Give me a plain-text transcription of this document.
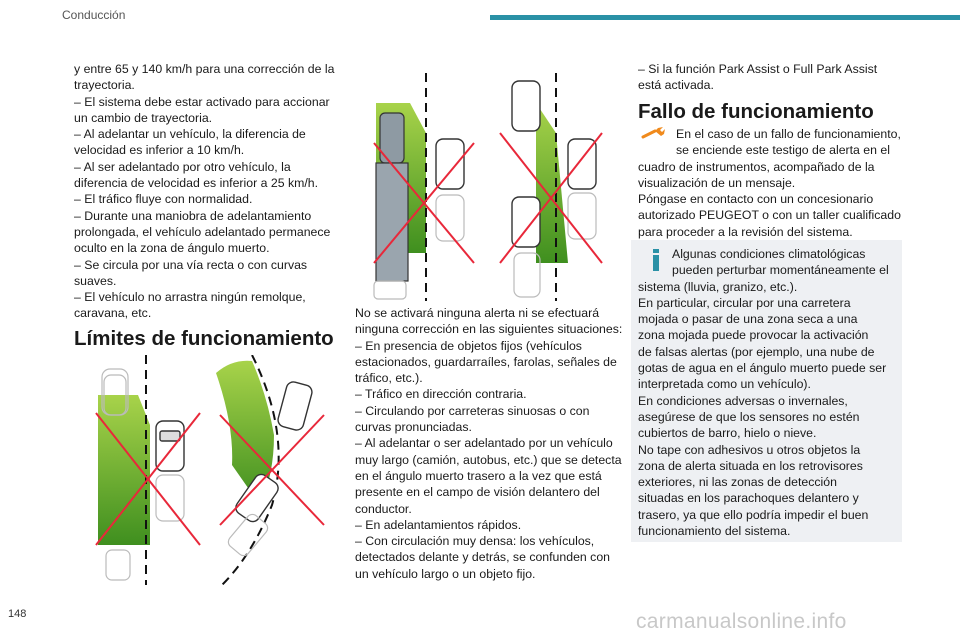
Conducción

y entre 65 y 140 km/h para una corrección de la

trayectoria.

– El sistema debe estar activado para accionar

un cambio de trayectoria.

– Al adelantar un vehículo, la diferencia de

velocidad es inferior a 10 km/h.

– Al ser adelantado por otro vehículo, la

diferencia de velocidad es inferior a 25 km/h.

– El tráfico fluye con normalidad.

– Durante una maniobra de adelantamiento

prolongada, el vehículo adelantado permanece

oculto en la zona de ángulo muerto.

– Se circula por una vía recta o con curvas

suaves.

– El vehículo no arrastra ningún remolque,

caravana, etc.

Límites de funcionamiento

No se activará ninguna alerta ni se efectuará

ninguna corrección en las siguientes situaciones:

– En presencia de objetos fijos (vehículos

estacionados, guardarraíles, farolas, señales de

tráfico, etc.).

– Tráfico en dirección contraria.

– Circulando por carreteras sinuosas o con

curvas pronunciadas.

– Al adelantar o ser adelantado por un vehículo

muy largo (camión, autobus, etc.) que se detecta

en el ángulo muerto trasero a la vez que está

presente en el campo de visión delantero del

conductor.

– En adelantamientos rápidos.

– Con circulación muy densa: los vehículos,

detectados delante y detrás, se confunden con

un vehículo largo o un objeto fijo.

– Si la función Park Assist o Full Park Assist

está activada.

Fallo de funcionamiento

En el caso de un fallo de funcionamiento,

se enciende este testigo de alerta en el

cuadro de instrumentos, acompañado de la

visualización de un mensaje.

Póngase en contacto con un concesionario

autorizado PEUGEOT o con un taller cualificado

para proceder a la revisión del sistema.

Algunas condiciones climatológicas

pueden perturbar momentáneamente el

sistema (lluvia, granizo, etc.).

En particular, circular por una carretera

mojada o pasar de una zona seca a una

zona mojada puede provocar la activación

de falsas alertas (por ejemplo, una nube de

gotas de agua en el ángulo muerto puede ser

interpretada como un vehículo).

En condiciones adversas o invernales,

asegúrese de que los sensores no estén

cubiertos de barro, hielo o nieve.

No tape con adhesivos u otros objetos la

zona de alerta situada en los retrovisores

exteriores, ni las zonas de detección

situadas en los parachoques delantero y

trasero, ya que ello podría impedir el buen

funcionamiento del sistema.

148	carmanualsonline.info
